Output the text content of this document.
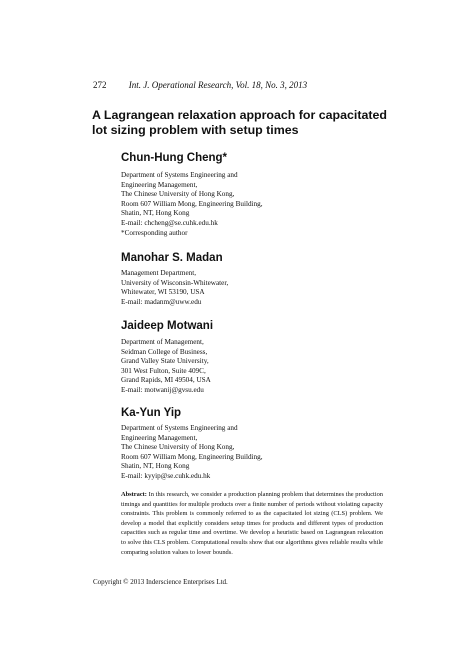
272 Int. J. Operational Research, Vol. 18, No. 3, 2013
A Lagrangean relaxation approach for capacitated lot sizing problem with setup times
Chun-Hung Cheng*
Department of Systems Engineering and
Engineering Management,
The Chinese University of Hong Kong,
Room 607 William Mong, Engineering Building,
Shatin, NT, Hong Kong
E-mail: chcheng@se.cuhk.edu.hk
*Corresponding author
Manohar S. Madan
Management Department,
University of Wisconsin-Whitewater,
Whitewater, WI 53190, USA
E-mail: madanm@uww.edu
Jaideep Motwani
Department of Management,
Seidman College of Business,
Grand Valley State University,
301 West Fulton, Suite 409C,
Grand Rapids, MI 49504, USA
E-mail: motwanij@gvsu.edu
Ka-Yun Yip
Department of Systems Engineering and
Engineering Management,
The Chinese University of Hong Kong,
Room 607 William Mong, Engineering Building,
Shatin, NT, Hong Kong
E-mail: kyyip@se.cuhk.edu.hk

Abstract: In this research, we consider a production planning problem that determines the production timings and quantities for multiple products over a finite number of periods without violating capacity constraints. This problem is commonly referred to as the capacitated lot sizing (CLS) problem. We develop a model that explicitly considers setup times for products and different types of production capacities such as regular time and overtime. We develop a heuristic based on Lagrangean relaxation to solve this CLS problem. Computational results show that our algorithms gives reliable results while comparing solution values to lower bounds.

Copyright © 2013 Inderscience Enterprises Ltd.
